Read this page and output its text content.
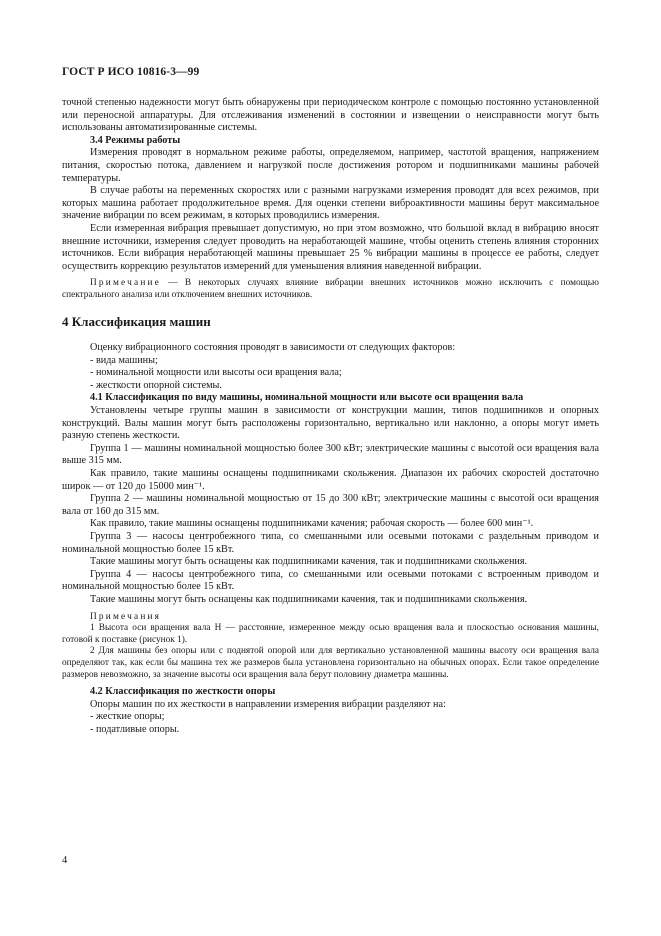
ГОСТ Р ИСО 10816-3—99

точной степенью надежности могут быть обнаружены при периодическом контроле с помощью постоянно установленной или переносной аппаратуры. Для отслеживания изменений в состоянии и извещении о неисправности могут быть использованы автоматизированные системы.

3.4 Режимы работы

Измерения проводят в нормальном режиме работы, определяемом, например, частотой вращения, напряжением питания, скоростью потока, давлением и нагрузкой после достижения ротором и подшипниками машины рабочей температуры.

В случае работы на переменных скоростях или с разными нагрузками измерения проводят для всех режимов, при которых машина работает продолжительное время. Для оценки степени виброактивности машины берут максимальное значение вибрации по всем режимам, в которых проводились измерения.

Если измеренная вибрация превышает допустимую, но при этом возможно, что большой вклад в вибрацию вносят внешние источники, измерения следует проводить на неработающей машине, чтобы оценить степень влияния сторонних источников. Если вибрация неработающей машины превышает 25 % вибрации машины в процессе ее работы, следует осуществить коррекцию результатов измерений для уменьшения влияния наведенной вибрации.

Примечание — В некоторых случаях влияние вибрации внешних источников можно исключить с помощью спектрального анализа или отключением внешних источников.

4 Классификация машин

Оценку вибрационного состояния проводят в зависимости от следующих факторов:

- вида машины;

- номинальной мощности или высоты оси вращения вала;

- жесткости опорной системы.

4.1 Классификация по виду машины, номинальной мощности или высоте оси вращения вала

Установлены четыре группы машин в зависимости от конструкции машин, типов подшипников и опорных конструкций. Валы машин могут быть расположены горизонтально, вертикально или наклонно, а опоры могут иметь разную степень жесткости.

Группа 1 — машины номинальной мощностью более 300 кВт; электрические машины с высотой оси вращения вала выше 315 мм.

Как правило, такие машины оснащены подшипниками скольжения. Диапазон их рабочих скоростей достаточно широк — от 120 до 15000 мин⁻¹.

Группа 2 — машины номинальной мощностью от 15 до 300 кВт; электрические машины с высотой оси вращения вала от 160 до 315 мм.

Как правило, такие машины оснащены подшипниками качения; рабочая скорость — более 600 мин⁻¹.

Группа 3 — насосы центробежного типа, со смешанными или осевыми потоками с раздельным приводом и номинальной мощностью более 15 кВт.

Такие машины могут быть оснащены как подшипниками качения, так и подшипниками скольжения.

Группа 4 — насосы центробежного типа, со смешанными или осевыми потоками с встроенным приводом и номинальной мощностью более 15 кВт.

Такие машины могут быть оснащены как подшипниками качения, так и подшипниками скольжения.

Примечания

1 Высота оси вращения вала H — расстояние, измеренное между осью вращения вала и плоскостью основания машины, готовой к поставке (рисунок 1).

2 Для машины без опоры или с поднятой опорой или для вертикально установленной машины высоту оси вращения вала определяют так, как если бы машина тех же размеров была установлена горизонтально на обычных опорах. Если такое определение размеров невозможно, за значение высоты оси вращения вала берут половину диаметра машины.

4.2 Классификация по жесткости опоры

Опоры машин по их жесткости в направлении измерения вибрации разделяют на:

- жесткие опоры;

- податливые опоры.

4
